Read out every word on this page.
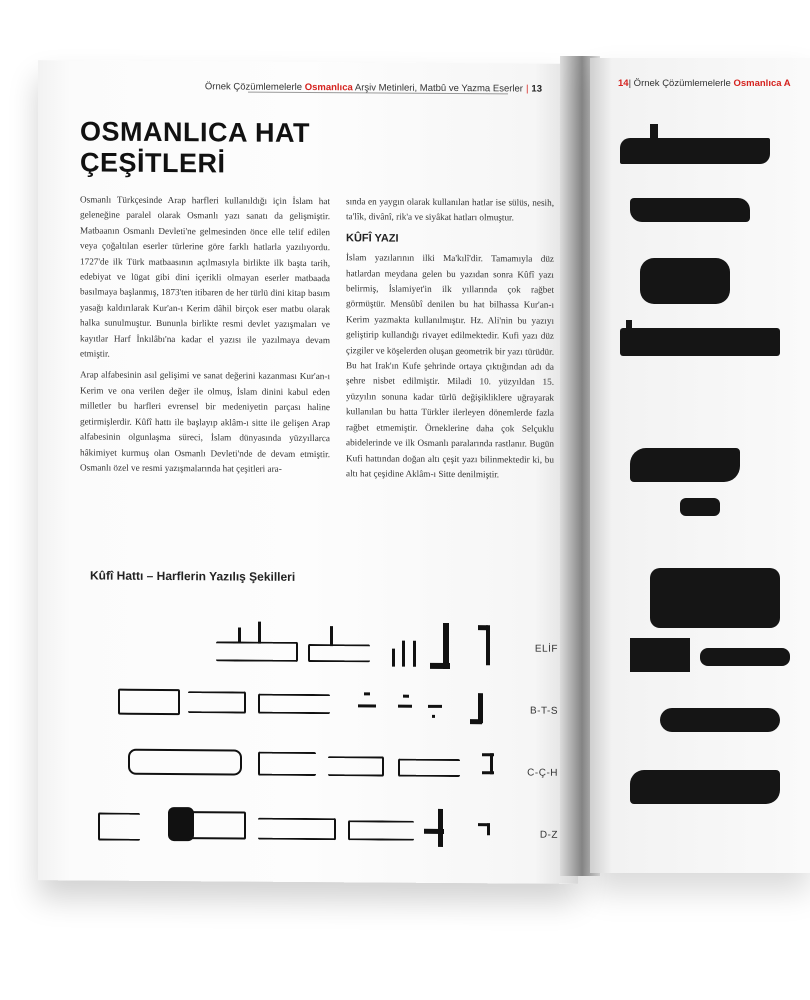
Örnek Çözümlemelerle Osmanlıca Arşiv Metinleri, Matbû ve Yazma Eserler | 13
OSMANLICA HAT
ÇEŞİTLERİ

Osmanlı Türkçesinde Arap harfleri kullanıldığı için İslam hat geleneğine paralel olarak Osmanlı yazı sanatı da gelişmiştir. Matbaanın Osmanlı Devleti'ne gelmesinden önce elle telif edilen veya çoğaltılan eserler türlerine göre farklı hatlarla yazılıyordu. 1727'de ilk Türk matbaasının açılmasıyla birlikte ilk başta tarih, edebiyat ve lügat gibi dini içerikli olmayan eserler matbaada basılmaya başlanmış, 1873'ten itibaren de her türlü dini kitap basım yasağı kaldırılarak Kur'an-ı Kerim dâhil birçok eser matbu olarak halka sunulmuştur. Bununla birlikte resmi devlet yazışmaları ve kayıtlar Harf İnkılâbı'na kadar el yazısı ile yazılmaya devam etmiştir.

Arap alfabesinin asıl gelişimi ve sanat değerini kazanması Kur'an-ı Kerim ve ona verilen değer ile olmuş, İslam dinini kabul eden milletler bu harfleri evrensel bir medeniyetin parçası haline getirmişlerdir. Kûfî hattı ile başlayıp aklâm-ı sitte ile gelişen Arap alfabesinin olgunlaşma süreci, İslam dünyasında yüzyıllarca hâkimiyet kurmuş olan Osmanlı Devleti'nde de devam etmiştir. Osmanlı özel ve resmi yazışmalarında hat çeşitleri ara-

sında en yaygın olarak kullanılan hatlar ise sülüs, nesih, ta'lîk, divânî, rik'a ve siyâkat hatları olmuştur.

KÛFÎ YAZI

İslam yazılarının ilki Ma'kılî'dir. Tamamıyla düz hatlardan meydana gelen bu yazıdan sonra Kûfî yazı belirmiş, İslamiyet'in ilk yıllarında çok rağbet görmüştür. Mensûbî denilen bu hat bilhassa Kur'an-ı Kerim yazmakta kullanılmıştır. Hz. Ali'nin bu yazıyı geliştirip kullandığı rivayet edilmektedir. Kufi yazı düz çizgiler ve köşelerden oluşan geometrik bir yazı türüdür. Bu hat Irak'ın Kufe şehrinde ortaya çıktığından adı da şehre nisbet edilmiştir. Miladi 10. yüzyıldan 15. yüzyılın sonuna kadar türlü değişikliklere uğrayarak kullanılan bu hatta Türkler ilerleyen dönemlerde fazla rağbet etmemiştir. Örneklerine daha çok Selçuklu abidelerinde ve ilk Osmanlı paralarında rastlanır. Bugün Kufi hattından doğan altı çeşit yazı bilinmektedir ki, bu altı hat çeşidine Aklâm-ı Sitte denilmiştir.

Kûfî Hattı – Harflerin Yazılış Şekilleri
ELİF
B-T-S
C-Ç-H
D-Z
14| Örnek Çözümlemelerle Osmanlıca A
